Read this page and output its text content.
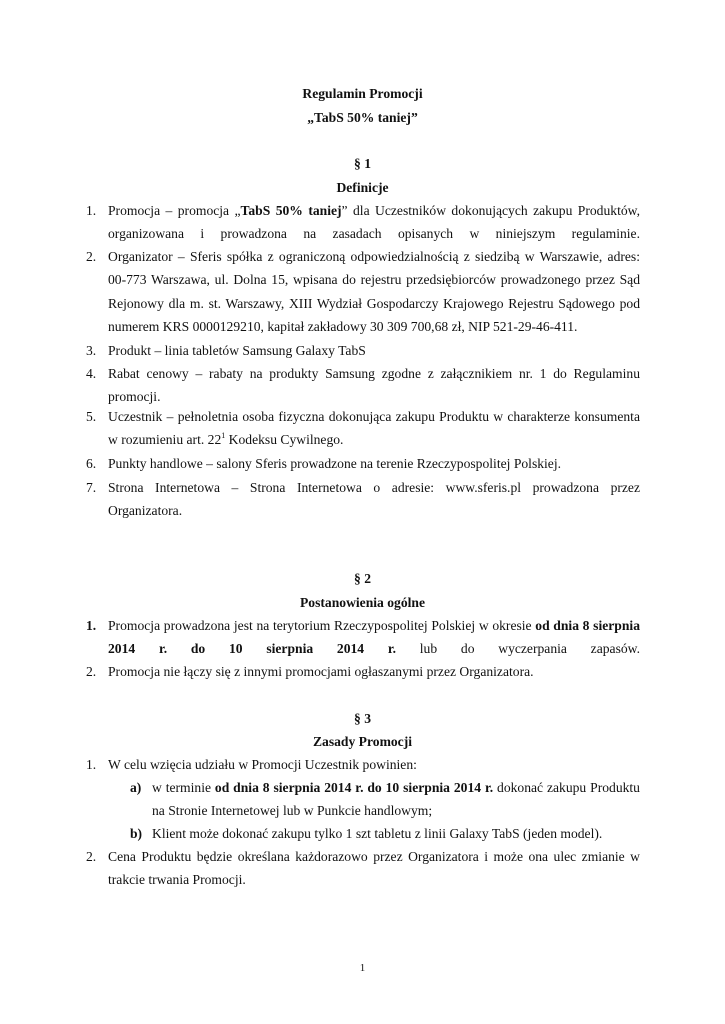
Regulamin Promocji
„TabS 50% taniej”
§ 1
Definicje
1. Promocja – promocja „TabS 50% taniej” dla Uczestników dokonujących zakupu Produktów, organizowana i prowadzona na zasadach opisanych w niniejszym regulaminie.
2. Organizator – Sferis spółka z ograniczoną odpowiedzialnością z siedzibą w Warszawie, adres: 00-773 Warszawa, ul. Dolna 15, wpisana do rejestru przedsiębiorców prowadzonego przez Sąd Rejonowy dla m. st. Warszawy, XIII Wydział Gospodarczy Krajowego Rejestru Sądowego pod numerem KRS 0000129210, kapitał zakładowy 30 309 700,68 zł, NIP 521-29-46-411.
3. Produkt – linia tabletów Samsung Galaxy TabS
4. Rabat cenowy – rabaty na produkty Samsung zgodne z załącznikiem nr. 1 do Regulaminu promocji.
5. Uczestnik – pełnoletnia osoba fizyczna dokonująca zakupu Produktu w charakterze konsumenta w rozumieniu art. $22^1$ Kodeksu Cywilnego.
6. Punkty handlowe – salony Sferis prowadzone na terenie Rzeczypospolitej Polskiej.
7. Strona Internetowa – Strona Internetowa o adresie: www.sferis.pl prowadzona przez Organizatora.
§ 2
Postanowienia ogólne
1. Promocja prowadzona jest na terytorium Rzeczypospolitej Polskiej w okresie od dnia 8 sierpnia 2014 r. do 10 sierpnia 2014 r. lub do wyczerpania zapasów.
2. Promocja nie łączy się z innymi promocjami ogłaszanymi przez Organizatora.
§ 3
Zasady Promocji
1. W celu wzięcia udziału w Promocji Uczestnik powinien:
a) w terminie od dnia 8 sierpnia 2014 r. do 10 sierpnia 2014 r. dokonać zakupu Produktu na Stronie Internetowej lub w Punkcie handlowym;
b) Klient może dokonać zakupu tylko 1 szt tabletu z linii Galaxy TabS (jeden model).
2. Cena Produktu będzie określana każdorazowo przez Organizatora i może ona ulec zmianie w trakcie trwania Promocji.
1
